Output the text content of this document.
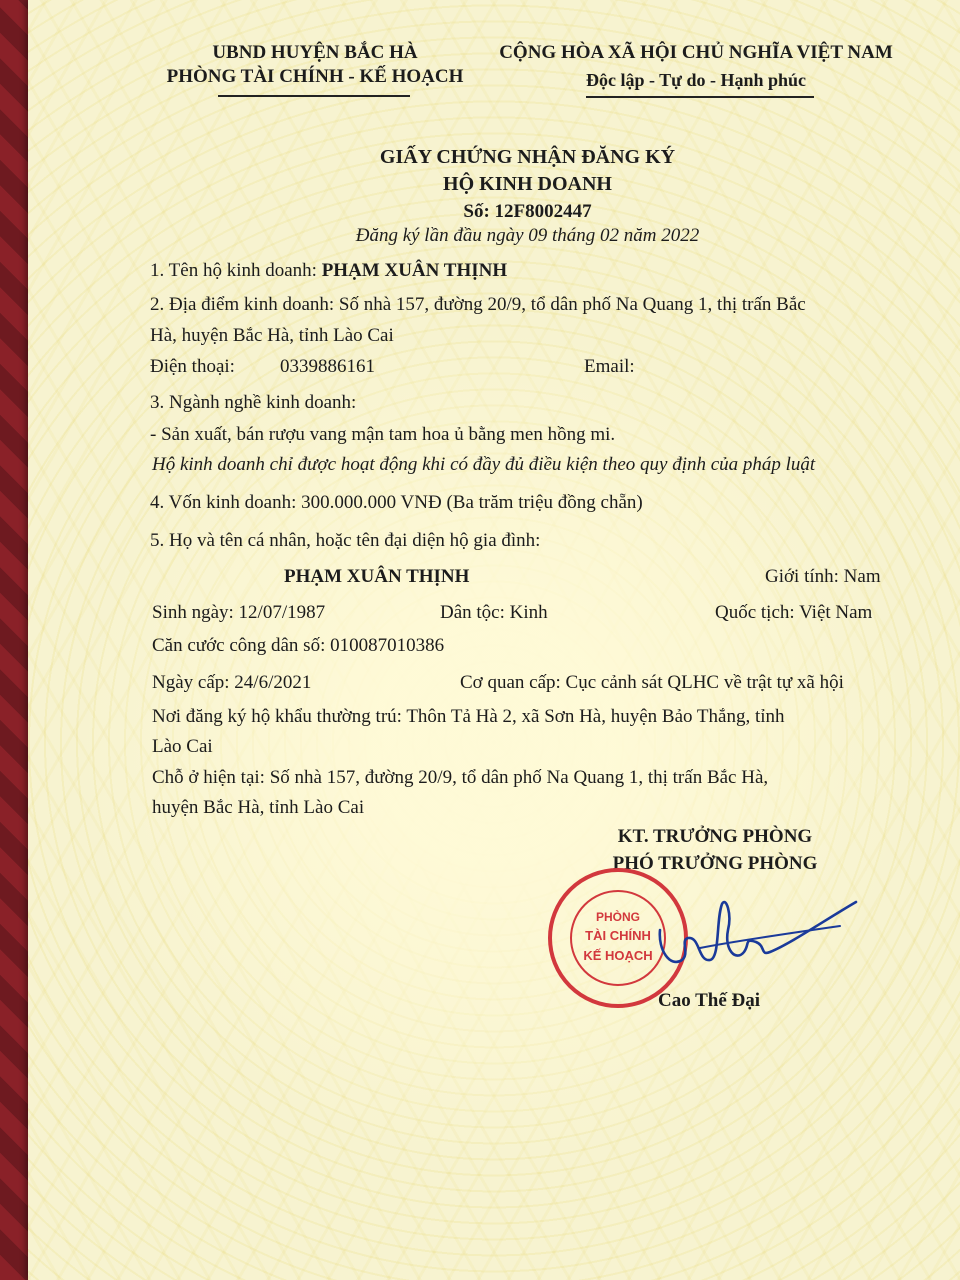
UBND HUYỆN BẮC HÀ
PHÒNG TÀI CHÍNH - KẾ HOẠCH
CỘNG HÒA XÃ HỘI CHỦ NGHĨA VIỆT NAM
Độc lập - Tự do - Hạnh phúc
GIẤY CHỨNG NHẬN ĐĂNG KÝ
HỘ KINH DOANH
Số: 12F8002447
Đăng ký lần đầu ngày 09 tháng 02 năm 2022
1. Tên hộ kinh doanh: PHẠM XUÂN THỊNH
2. Địa điểm kinh doanh: Số nhà 157, đường 20/9, tổ dân phố Na Quang 1, thị trấn Bắc
Hà, huyện Bắc Hà, tỉnh Lào Cai
Điện thoại: 0339886161	Email:
3. Ngành nghề kinh doanh:
- Sản xuất, bán rượu vang mận tam hoa ủ bằng men hồng mi.
Hộ kinh doanh chỉ được hoạt động khi có đầy đủ điều kiện theo quy định của pháp luật
4. Vốn kinh doanh: 300.000.000 VNĐ (Ba trăm triệu đồng chẵn)
5. Họ và tên cá nhân, hoặc tên đại diện hộ gia đình:
PHẠM XUÂN THỊNH	Giới tính: Nam
Sinh ngày: 12/07/1987	Dân tộc: Kinh	Quốc tịch: Việt Nam
Căn cước công dân số: 010087010386
Ngày cấp: 24/6/2021	Cơ quan cấp: Cục cảnh sát QLHC về trật tự xã hội
Nơi đăng ký hộ khẩu thường trú: Thôn Tả Hà 2, xã Sơn Hà, huyện Bảo Thắng, tỉnh
Lào Cai
Chỗ ở hiện tại: Số nhà 157, đường 20/9, tổ dân phố Na Quang 1, thị trấn Bắc Hà,
huyện Bắc Hà, tỉnh Lào Cai
KT. TRƯỞNG PHÒNG
PHÓ TRƯỞNG PHÒNG
PHÒNG
TÀI CHÍNH
KẾ HOẠCH
Cao Thế Đại
